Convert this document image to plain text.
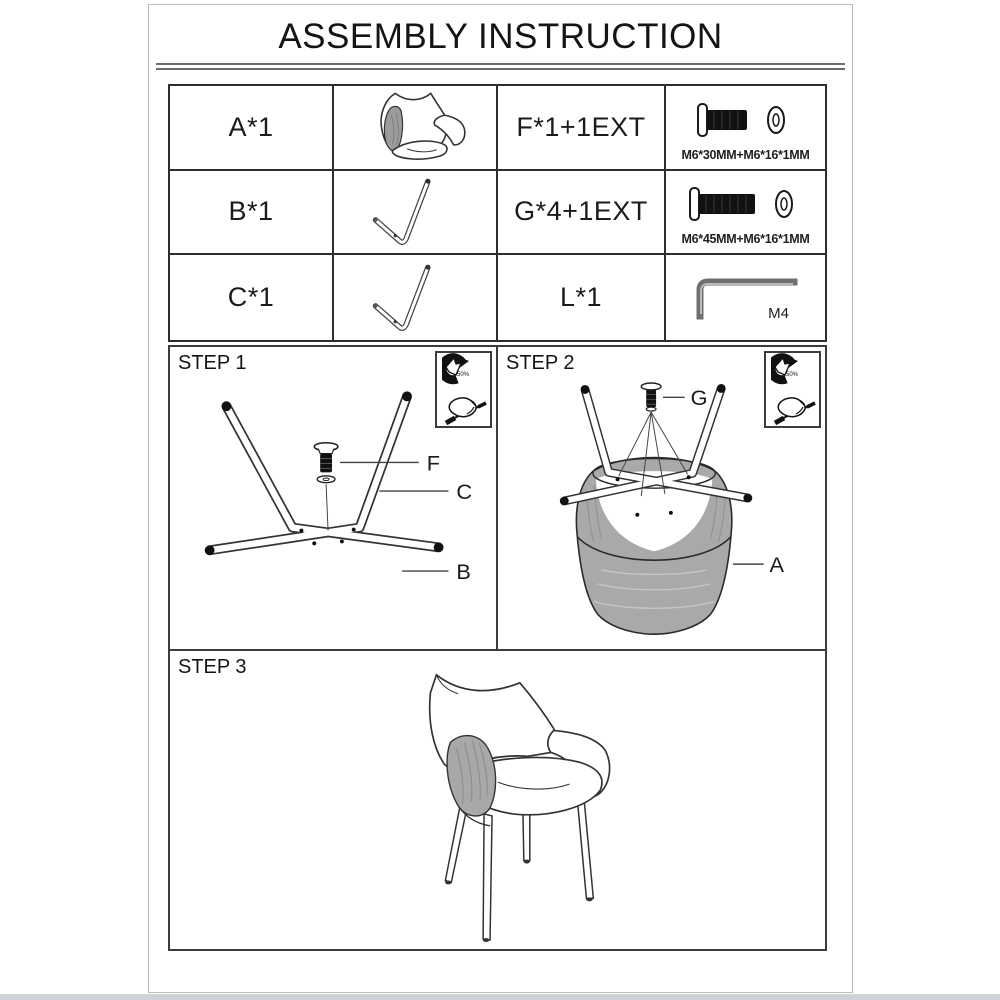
ASSEMBLY INSTRUCTION
A*1	F*1+1EXT
M6*30MM+M6*16*1MM
B*1	G*4+1EXT
M6*45MM+M6*16*1MM
C*1	L*1
M4
STEP 1
50%
F
C
B
STEP 2
50%
G
A
STEP 3
